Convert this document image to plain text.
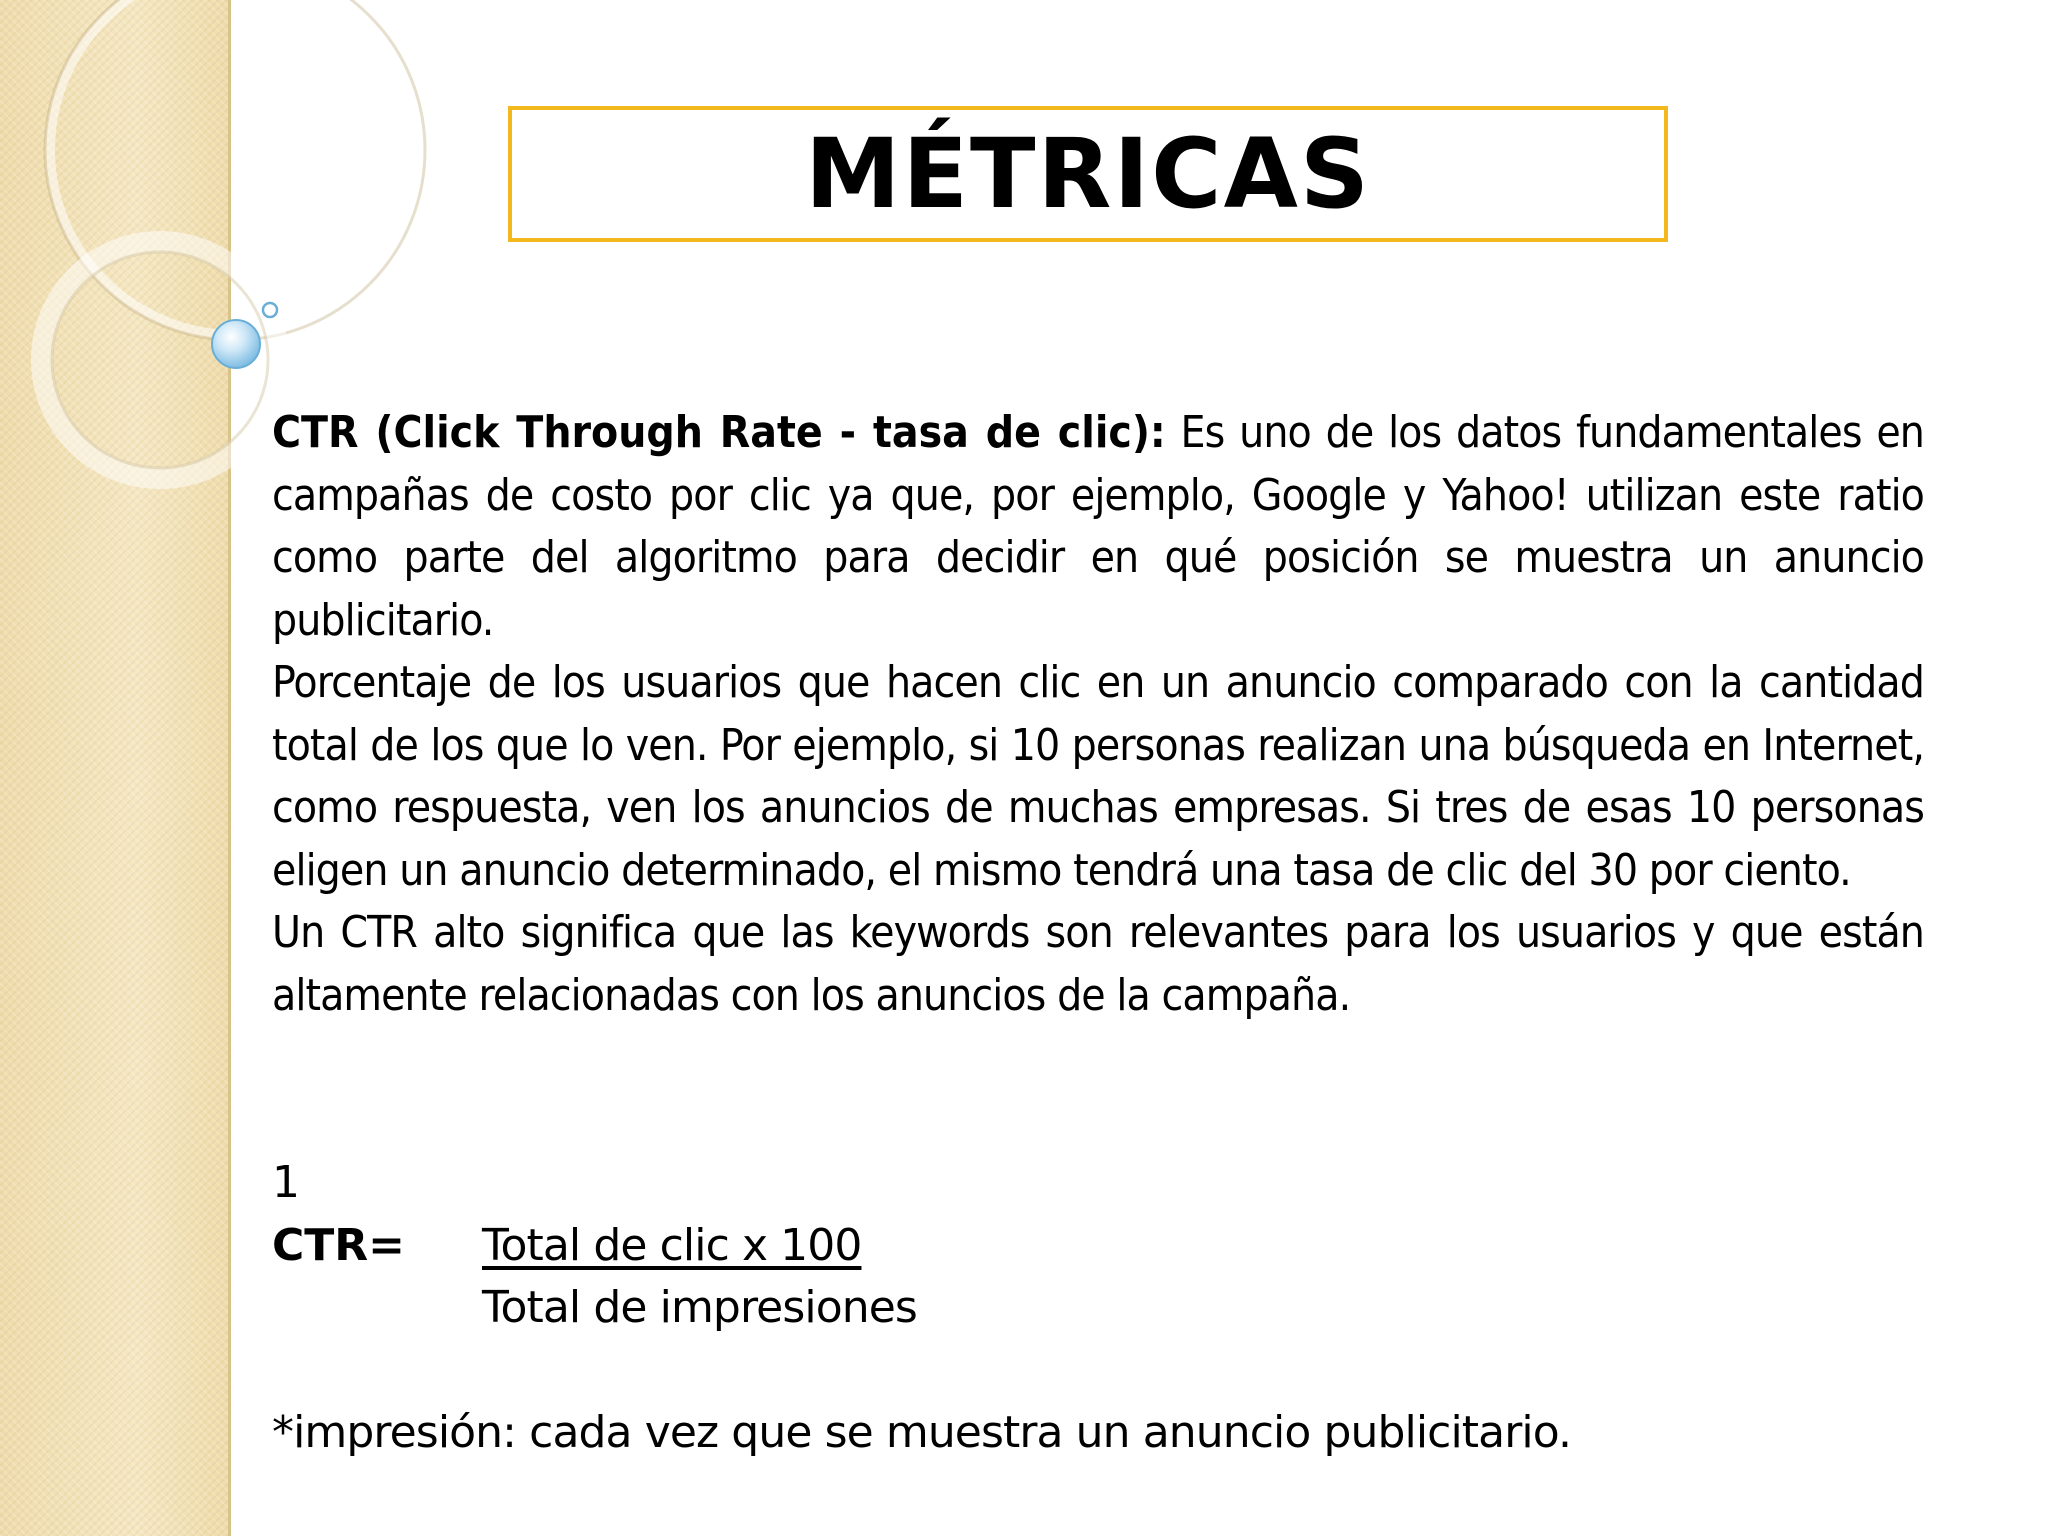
MÉTRICAS

CTR (Click Through Rate - tasa de clic): Es uno de los datos fundamentales en campañas de costo por clic ya que, por ejemplo, Google y Yahoo! utilizan este ratio como parte del algoritmo para decidir en qué posición se muestra un anuncio publicitario.

Porcentaje de los usuarios que hacen clic en un anuncio comparado con la cantidad total de los que lo ven. Por ejemplo, si 10 personas realizan una búsqueda en Internet, como respuesta, ven los anuncios de muchas empresas. Si tres de esas 10 personas eligen un anuncio determinado, el mismo tendrá una tasa de clic del 30 por ciento.

Un CTR alto significa que las keywords son relevantes para los usuarios y que están altamente relacionadas con los anuncios de la campaña.

1
CTR=	Total de clic x 100
Total de impresiones
*impresión: cada vez que se muestra un anuncio publicitario.
